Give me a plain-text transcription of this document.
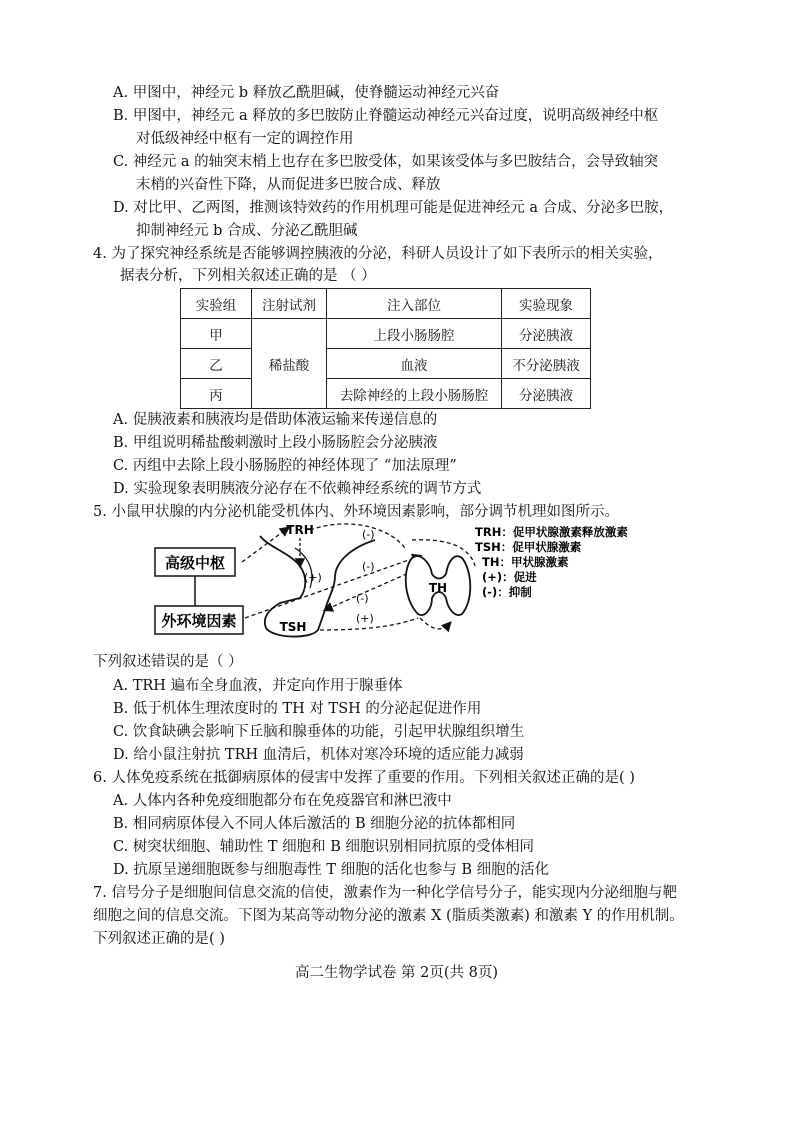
A. 甲图中，神经元 b 释放乙酰胆碱，使脊髓运动神经元兴奋
B. 甲图中，神经元 a 释放的多巴胺防止脊髓运动神经元兴奋过度，说明高级神经中枢
对低级神经中枢有一定的调控作用
C. 神经元 a 的轴突末梢上也存在多巴胺受体，如果该受体与多巴胺结合，会导致轴突
末梢的兴奋性下降，从而促进多巴胺合成、释放
D. 对比甲、乙两图，推测该特效药的作用机理可能是促进神经元 a 合成、分泌多巴胺，
抑制神经元 b 合成、分泌乙酰胆碱
4. 为了探究神经系统是否能够调控胰液的分泌，科研人员设计了如下表所示的相关实验，
据表分析，下列相关叙述正确的是 （ ）
实验组	注射试剂	注入部位	实验现象
甲	稀盐酸	上段小肠肠腔	分泌胰液
乙		血液	不分泌胰液
丙		去除神经的上段小肠肠腔	分泌胰液
A. 促胰液素和胰液均是借助体液运输来传递信息的
B. 甲组说明稀盐酸刺激时上段小肠肠腔会分泌胰液
C. 丙组中去除上段小肠肠腔的神经体现了 “加法原理”
D. 实验现象表明胰液分泌存在不依赖神经系统的调节方式
5. 小鼠甲状腺的内分泌机能受机体内、外环境因素影响，部分调节机理如图所示。
高级中枢
外环境因素
TRH
TSH
(+)
(-)
(-)
(-)
(+)
TH
TRH：促甲状腺激素释放激素
TSH：促甲状腺激素
TH：甲状腺激素
(+)：促进
(-)：抑制
下列叙述错误的是（ ）
A. TRH 遍布全身血液，并定向作用于腺垂体
B. 低于机体生理浓度时的 TH 对 TSH 的分泌起促进作用
C. 饮食缺碘会影响下丘脑和腺垂体的功能，引起甲状腺组织增生
D. 给小鼠注射抗 TRH 血清后，机体对寒冷环境的适应能力减弱
6. 人体免疫系统在抵御病原体的侵害中发挥了重要的作用。下列相关叙述正确的是( )
A. 人体内各种免疫细胞都分布在免疫器官和淋巴液中
B. 相同病原体侵入不同人体后激活的 B 细胞分泌的抗体都相同
C. 树突状细胞、辅助性 T 细胞和 B 细胞识别相同抗原的受体相同
D. 抗原呈递细胞既参与细胞毒性 T 细胞的活化也参与 B 细胞的活化
7. 信号分子是细胞间信息交流的信使，激素作为一种化学信号分子，能实现内分泌细胞与靶
细胞之间的信息交流。下图为某高等动物分泌的激素 X (脂质类激素) 和激素 Y 的作用机制。
下列叙述正确的是( )
高二生物学试卷 第 2页(共 8页)
